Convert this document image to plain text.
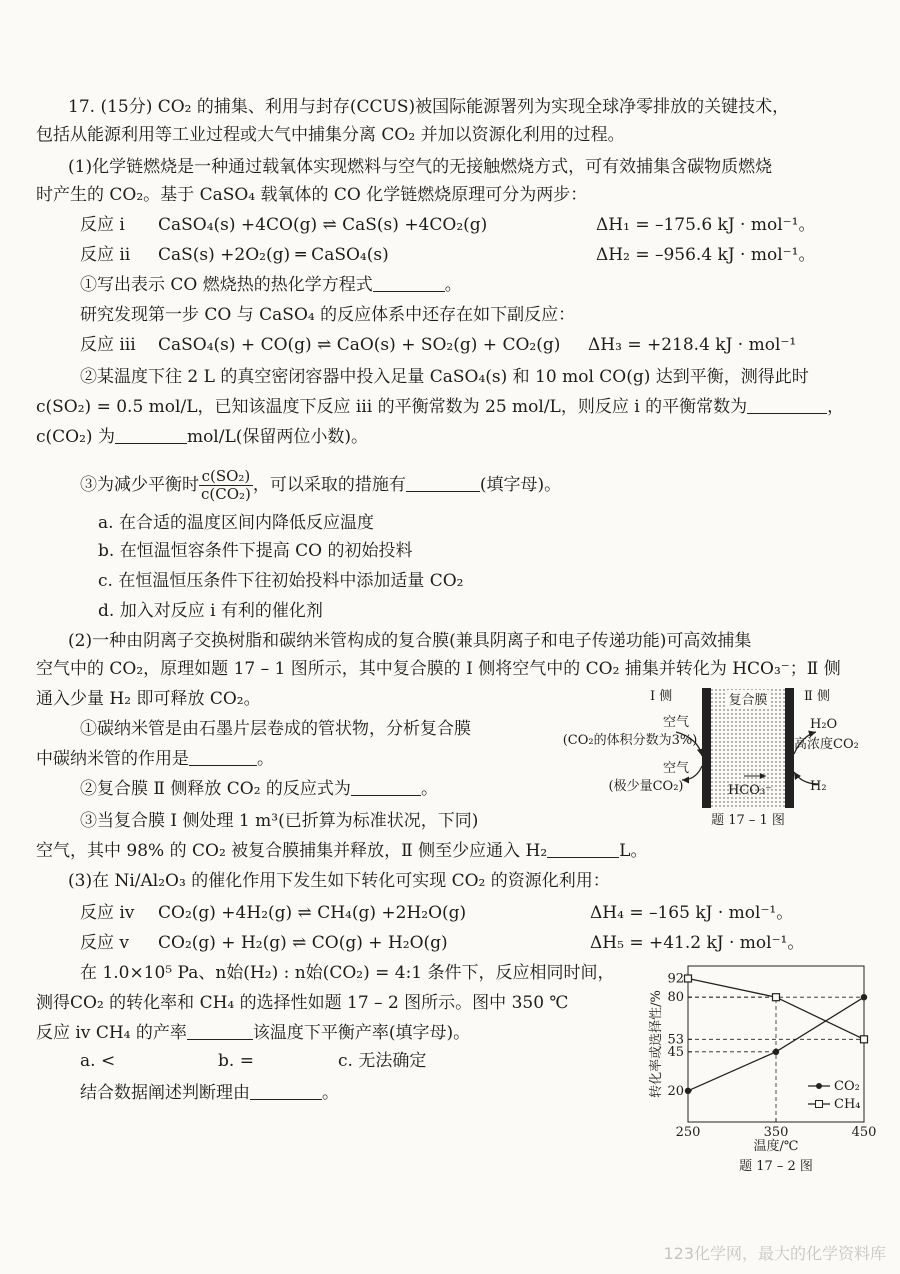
17. (15分) CO₂ 的捕集、利用与封存(CCUS)被国际能源署列为实现全球净零排放的关键技术，
包括从能源利用等工业过程或大气中捕集分离 CO₂ 并加以资源化利用的过程。
(1)化学链燃烧是一种通过载氧体实现燃料与空气的无接触燃烧方式，可有效捕集含碳物质燃烧
时产生的 CO₂。基于 CaSO₄ 载氧体的 CO 化学链燃烧原理可分为两步：
反应 ⅰ CaSO₄(s) +4CO(g) ⇌ CaS(s) +4CO₂(g)	ΔH₁ = –175.6 kJ · mol⁻¹。
反应 ⅱ CaS(s) +2O₂(g) ═ CaSO₄(s)	ΔH₂ = –956.4 kJ · mol⁻¹。
①写出表示 CO 燃烧热的热化学方程式	。
研究发现第一步 CO 与 CaSO₄ 的反应体系中还存在如下副反应：
反应 ⅲ CaSO₄(s) + CO(g) ⇌ CaO(s) + SO₂(g) + CO₂(g) ΔH₃ = +218.4 kJ · mol⁻¹
②某温度下往 2 L 的真空密闭容器中投入足量 CaSO₄(s) 和 10 mol CO(g) 达到平衡，测得此时
c(SO₂) = 0.5 mol/L，已知该温度下反应 ⅲ 的平衡常数为 25 mol/L，则反应 ⅰ 的平衡常数为	，
c(CO₂) 为	mol/L(保留两位小数)。
③为减少平衡时 $\frac{\text{c(SO₂)}}{\text{c(CO₂)}}$ ，可以采取的措施有	(填字母)。
a. 在合适的温度区间内降低反应温度
b. 在恒温恒容条件下提高 CO 的初始投料
c. 在恒温恒压条件下往初始投料中添加适量 CO₂
d. 加入对反应 ⅰ 有利的催化剂
(2)一种由阴离子交换树脂和碳纳米管构成的复合膜(兼具阴离子和电子传递功能)可高效捕集
空气中的 CO₂，原理如题 17 – 1 图所示，其中复合膜的 Ⅰ 侧将空气中的 CO₂ 捕集并转化为 HCO₃⁻；Ⅱ 侧
通入少量 H₂ 即可释放 CO₂。
①碳纳米管是由石墨片层卷成的管状物，分析复合膜
中碳纳米管的作用是	。
②复合膜 Ⅱ 侧释放 CO₂ 的反应式为	。
③当复合膜 Ⅰ 侧处理 1 m³(已折算为标准状况，下同)
空气，其中 98% 的 CO₂ 被复合膜捕集并释放，Ⅱ 侧至少应通入 H₂	L。
(3)在 Ni/Al₂O₃ 的催化作用下发生如下转化可实现 CO₂ 的资源化利用：
反应 ⅳ CO₂(g) +4H₂(g) ⇌ CH₄(g) +2H₂O(g)	ΔH₄ = –165 kJ · mol⁻¹。
反应 ⅴ CO₂(g) + H₂(g) ⇌ CO(g) + H₂O(g)	ΔH₅ = +41.2 kJ · mol⁻¹。
在 1.0×10⁵ Pa、n始(H₂) : n始(CO₂) = 4:1 条件下，反应相同时间，
测得CO₂ 的转化率和 CH₄ 的选择性如题 17 – 2 图所示。图中 350 ℃
反应 ⅳ CH₄ 的产率	该温度下平衡产率(填字母)。
a. <	b. =	c. 无法确定
结合数据阐述判断理由	。
复合膜
Ⅰ 侧	Ⅱ 侧
空气
(CO₂的体积分数为3%)
空气
(极少量CO₂)	HCO₃⁻
H₂O
高浓度CO₂
H₂
题 17 – 1 图
转化率或选择性/%
温度/℃
题 17 – 2 图
250	350	450
92
80
53
45
20	CO₂
CH₄
123化学网，最大的化学资料库
